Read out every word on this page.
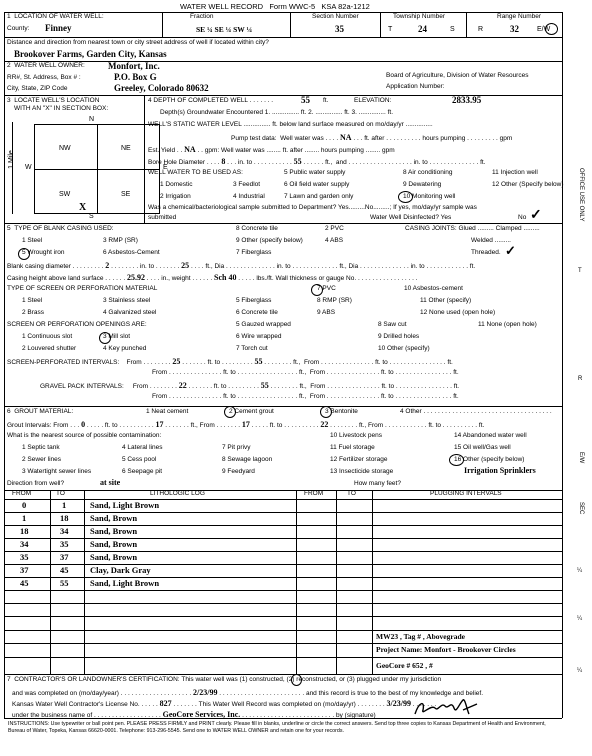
WATER WELL RECORD Form WWC-5 KSA 82a-1212
1  LOCATION OF WATER WELL:	Fraction	Section Number	Township Number	Range Number
County: Finney	SE ¼ SE ¼ SW ¼	35	T	24	S	R	32	E/W
Distance and direction from nearest town or city street address of well if located within city?
Brookover Farms, Garden City, Kansas
2  WATER WELL OWNER:	Monfort, Inc.
RR#, St. Address, Box # :	P.O. Box G	Board of Agriculture, Division of Water Resources
City, State, ZIP Code	Greeley, Colorado 80632	Application Number:
3  LOCATE WELL'S LOCATION
WITH AN "X" IN SECTION BOX:
N
S
E
W
1 Mile
NW	NE
SW	SE
X
4 DEPTH OF COMPLETED WELL . . . . . . .	55 ft.	ELEVATION:	2833.95
Depth(s) Groundwater Encountered 1. ............... ft. 2. ............... ft. 3. ............... ft.
WELL'S STATIC WATER LEVEL ............... ft. below land surface measured on mo/day/yr ...............
Pump test data:  Well water was . . . . NA . . . ft. after . . . . . . . . . . hours pumping . . . . . . . . . gpm
Est. Yield . . NA . . gpm: Well water was ........ ft. after ........ hours pumping ........ gpm
Bore Hole Diameter . . . . 8 . . . in. to . . . . . . . . . . . 55 . . . . . . ft.,  and . . . . . . . . . . . . . . . . . . in. to . . . . . . . . . . . . . . ft.
WELL WATER TO BE USED AS:	5 Public water supply	8 Air conditioning	11 Injection well
1 Domestic	3 Feedlot	6 Oil field water supply	9 Dewatering	12 Other (Specify below)
2 Irrigation	4 Industrial	7 Lawn and garden only	10 Monitoring well
Was a chemical/bacteriological sample submitted to Department? Yes.........No.........; If yes, mo/day/yr sample was
submitted	Water Well Disinfected? Yes	No ✓
5  TYPE OF BLANK CASING USED:	8 Concrete tile	2 PVC	CASING JOINTS: Glued ......... Clamped .........
1 Steel	3 RMP (SR)	9 Other (specify below)	4 ABS	Welded .........
5 Wrought iron	6 Asbestos-Cement	7 Fiberglass	Threaded. ✓
Blank casing diameter . . . . . . . . . 2 . . . . . . . . in. to . . . . . . . 25 . . . . ft., Dia . . . . . . . . . . . . . . in. to . . . . . . . . . . . . . ft., Dia . . . . . . . . . . . . . . in. to . . . . . . . . . . . . ft.
Casing height above land surface . . . . . . 25.92 . . . . in., weight . . . . . . Sch 40 . . . . . lbs./ft. Wall thickness or gauge No. . . . . . . . . . . . . . . . . .
TYPE OF SCREEN OR PERFORATION MATERIAL	7 PVC	10 Asbestos-cement
1 Steel	3 Stainless steel	5 Fiberglass	8 RMP (SR)	11 Other (specify)
2 Brass	4 Galvanized steel	6 Concrete tile	9 ABS	12 None used (open hole)
SCREEN OR PERFORATION OPENINGS ARE:	5 Gauzed wrapped	8 Saw cut	11 None (open hole)
1 Continuous slot	3 Mill slot	6 Wire wrapped	9 Drilled holes
2 Louvered shutter	4 Key punched	7 Torch cut	10 Other (specify)
SCREEN-PERFORATED INTERVALS:    From . . . . . . . . 25 . . . . . . . ft. to . . . . . . . . . 55 . . . . . . . . ft.,  From . . . . . . . . . . . . . . . ft. to . . . . . . . . . . . . . . . . ft.
From . . . . . . . . . . . . . . . ft. to . . . . . . . . . . . . . . . . . ft.,  From . . . . . . . . . . . . . . . ft. to . . . . . . . . . . . . . . . . ft.
GRAVEL PACK INTERVALS:     From . . . . . . . . 22 . . . . . . . ft. to . . . . . . . . . 55 . . . . . . . . ft.,  From . . . . . . . . . . . . . . . ft. to . . . . . . . . . . . . . . . . ft.
From . . . . . . . . . . . . . . . ft. to . . . . . . . . . . . . . . . . . ft.,  From . . . . . . . . . . . . . . . ft. to . . . . . . . . . . . . . . . . ft.
6  GROUT MATERIAL:	1 Neat cement	2 Cement grout	3 Bentonite	4 Other . . . . . . . . . . . . . . . . . . . . . . . . . . . . . . . . . . . .
Grout Intervals: From . . . 0 . . . . . ft. to . . . . . . . . . . 17 . . . . . . . ft., From . . . . . . . 17 . . . . . ft. to . . . . . . . . . . 22 . . . . . . . . ft., From . . . . . . . . . . . . ft. to . . . . . . . . . . ft.
What is the nearest source of possible contamination:	10 Livestock pens	14 Abandoned water well
1 Septic tank	4 Lateral lines	7 Pit privy	11 Fuel storage	15 Oil well/Gas well
2 Sewer lines	5 Cess pool	8 Sewage lagoon	12 Fertilizer storage	16 Other (specify below)
3 Watertight sewer lines	6 Seepage pit	9 Feedyard	13 Insecticide storage	Irrigation Sprinklers
Direction from well?	at site	How many feet?
FROM	TO	LITHOLOGIC LOG	FROM	TO	PLUGGING INTERVALS
0	1	Sand, Light Brown
1	18	Sand, Brown
18	34	Sand, Brown
34	35	Sand, Brown
35	37	Sand, Brown
37	45	Clay, Dark Gray
45	55	Sand, Light Brown
MW23 , Tag # , Abovegrade
Project Name: Monfort - Brookover Circles
GeoCore # 652 , #
7  CONTRACTOR'S OR LANDOWNER'S CERTIFICATION: This water well was (1) constructed, (2) reconstructed, or (3) plugged under my jurisdiction
and was completed on (mo/day/year) . . . . . . . . . . . . . . . . . . . . 2/23/99 . . . . . . . . . . . . . . . . . . . . . . . . and this record is true to the best of my knowledge and belief.
Kansas Water Well Contractor's License No. . . . . . 827 . . . . . . . This Water Well Record was completed on (mo/day/yr) . . . . . . . . 3/23/99 . . . . . . .
under the business name of . . . . . . . . . . . . . . . . . . . GeoCore Services, Inc. . . . . . . . . . . . . . . . . . . . . . . . . . . by (signature)
INSTRUCTIONS: Use typewriter or ball point pen. PLEASE PRESS FIRMLY and PRINT clearly. Please fill in blanks, underline or circle the correct answers. Send top three copies to Kansas Department of Health and Environment, Bureau of Water, Topeka, Kansas 66620-0001. Telephone: 913-296-5545. Send one to WATER WELL OWNER and retain one for your records.
OFFICE USE ONLY
T
R
E/W
SEC
¼
¼
¼
